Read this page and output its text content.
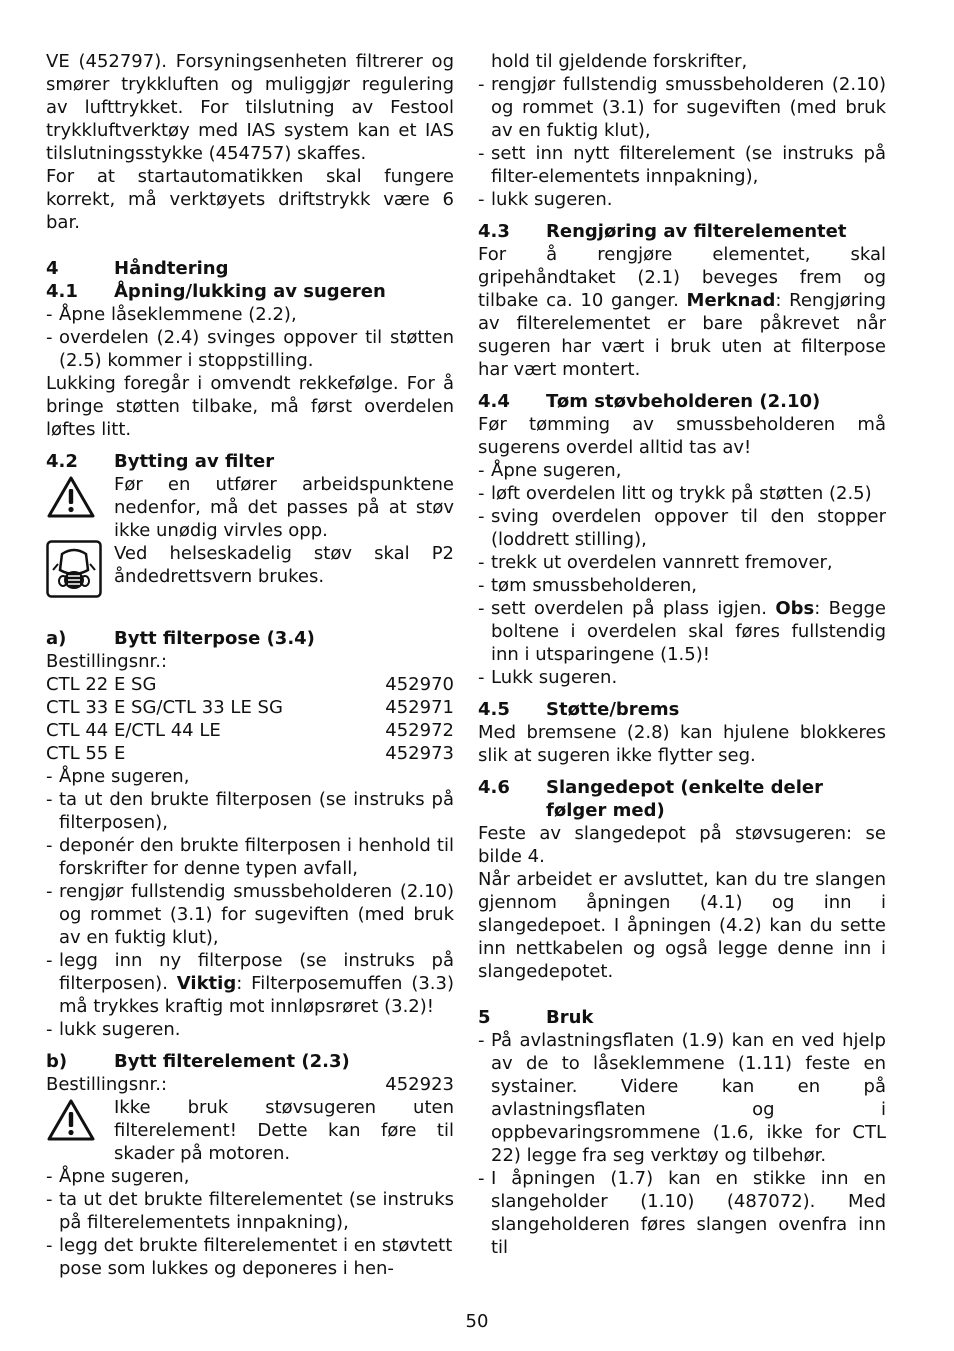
VE (452797). Forsyningsenheten filtrerer og smører trykkluften og muliggjør regulering av lufttrykket. For tilslutning av Festool trykkluftverktøy med IAS system kan et IAS tilslutningsstykke (454757) skaffes.

For at startautomatikken skal fungere korrekt, må verktøyets driftstrykk være 6 bar.

4	Håndtering
4.1	Åpning/lukking av sugeren

- Åpne låseklemmene (2.2),

- overdelen (2.4) svinges oppover til støtten (2.5) kommer i stoppstilling.

Lukking foregår i omvendt rekkefølge. For å bringe støtten tilbake, må først overdelen løftes litt.

4.2	Bytting av filter
Før en utfører arbeidspunktene nedenfor, må det passes på at støv ikke unødig virvles opp.
Ved helseskadelig støv skal P2 åndedrettsvern brukes.
a)	Bytt filterpose (3.4)

Bestillingsnr.:

CTL 22 E SG	452970
CTL 33 E SG/CTL 33 LE SG	452971
CTL 44 E/CTL 44 LE	452972
CTL 55 E	452973

- Åpne sugeren,

- ta ut den brukte filterposen (se instruks på filterposen),

- deponér den brukte filterposen i henhold til forskrifter for denne typen avfall,

- rengjør fullstendig smussbeholderen (2.10) og rommet (3.1) for sugeviften (med bruk av en fuktig klut),

- legg inn ny filterpose (se instruks på filterposen). Viktig: Filterposemuffen (3.3) må trykkes kraftig mot innløpsrøret (3.2)!

- lukk sugeren.

b)	Bytt filterelement (2.3)
Bestillingsnr.:	452923
Ikke bruk støvsugeren uten filterelement! Dette kan føre til skader på motoren.

- Åpne sugeren,

- ta ut det brukte filterelementet (se instruks på filterelementets innpakning),

- legg det brukte filterelementet i en støvtett pose som lukkes og deponeres i hen-

hold til gjeldende forskrifter,

- rengjør fullstendig smussbeholderen (2.10) og rommet (3.1) for sugeviften (med bruk av en fuktig klut),

- sett inn nytt filterelement (se instruks på filter-elementets innpakning),

- lukk sugeren.

4.3	Rengjøring av filterelementet

For å rengjøre elementet, skal gripehåndtaket (2.1) beveges frem og tilbake ca. 10 ganger. Merknad: Rengjøring av filterelementet er bare påkrevet når sugeren har vært i bruk uten at filterpose har vært montert.

4.4	Tøm støvbeholderen (2.10)

Før tømming av smussbeholderen må sugerens overdel alltid tas av!

- Åpne sugeren,

- løft overdelen litt og trykk på støtten (2.5)

- sving overdelen oppover til den stopper (loddrett stilling),

- trekk ut overdelen vannrett fremover,

- tøm smussbeholderen,

- sett overdelen på plass igjen. Obs: Begge boltene i overdelen skal føres fullstendig inn i utsparingene (1.5)!

- Lukk sugeren.

4.5	Støtte/brems

Med bremsene (2.8) kan hjulene blokkeres slik at sugeren ikke flytter seg.

4.6	Slangedepot (enkelte deler følger med)

Feste av slangedepot på støvsugeren: se bilde 4.

Når arbeidet er avsluttet, kan du tre slangen gjennom åpningen (4.1) og inn i slangedepoet. I åpningen (4.2) kan du sette inn nettkabelen og også legge denne inn i slangedepotet.

5	Bruk

- På avlastningsflaten (1.9) kan en ved hjelp av de to låseklemmene (1.11) feste en systainer. Videre kan en på avlastningsflaten og i oppbevaringsrommene (1.6, ikke for CTL 22) legge fra seg verktøy og tilbehør.

- I åpningen (1.7) kan en stikke inn en slangeholder (1.10) (487072). Med slangeholderen føres slangen ovenfra inn til

50
